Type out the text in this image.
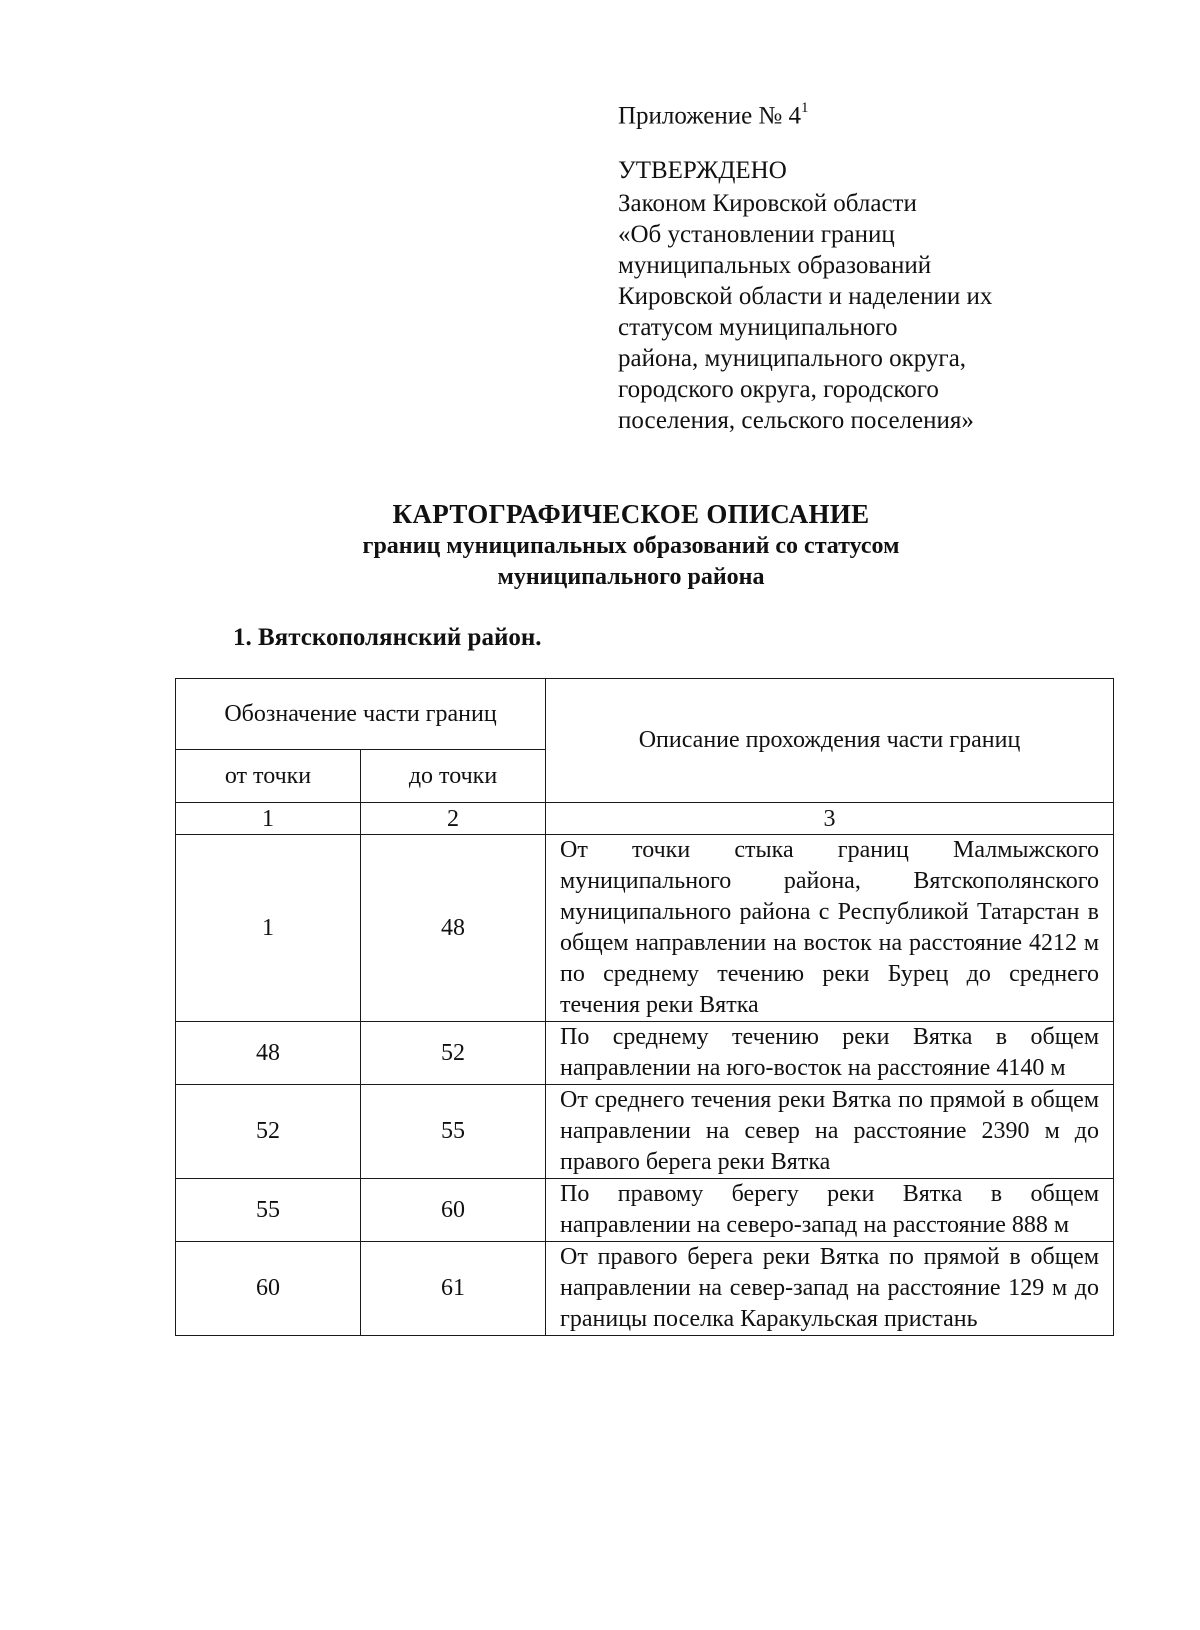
Приложение № $4^1$
УТВЕРЖДЕНО
Законом Кировской области
«Об установлении границ
муниципальных образований
Кировской области и наделении их
статусом муниципального
района, муниципального округа,
городского округа, городского
поселения, сельского поселения»
КАРТОГРАФИЧЕСКОЕ ОПИСАНИЕ
границ муниципальных образований со статусом
муниципального района
1. Вятскополянский район.
Обозначение части границ		Описание прохождения части границ
от точки	до точки	
1	2	3
1	48	От точки стыка границ Малмыжского муниципального района, Вятскополянского муниципального района с Республикой Татарстан в общем направлении на восток на расстояние 4212 м по среднему течению реки Бурец до среднего течения реки Вятка
48	52	По среднему течению реки Вятка в общем направлении на юго-восток на расстояние 4140 м
52	55	От среднего течения реки Вятка по прямой в общем направлении на север на расстояние 2390 м до правого берега реки Вятка
55	60	По правому берегу реки Вятка в общем направлении на северо-запад на расстояние 888 м
60	61	От правого берега реки Вятка по прямой в общем направлении на север-запад на расстояние 129 м до границы поселка Каракульская пристань
